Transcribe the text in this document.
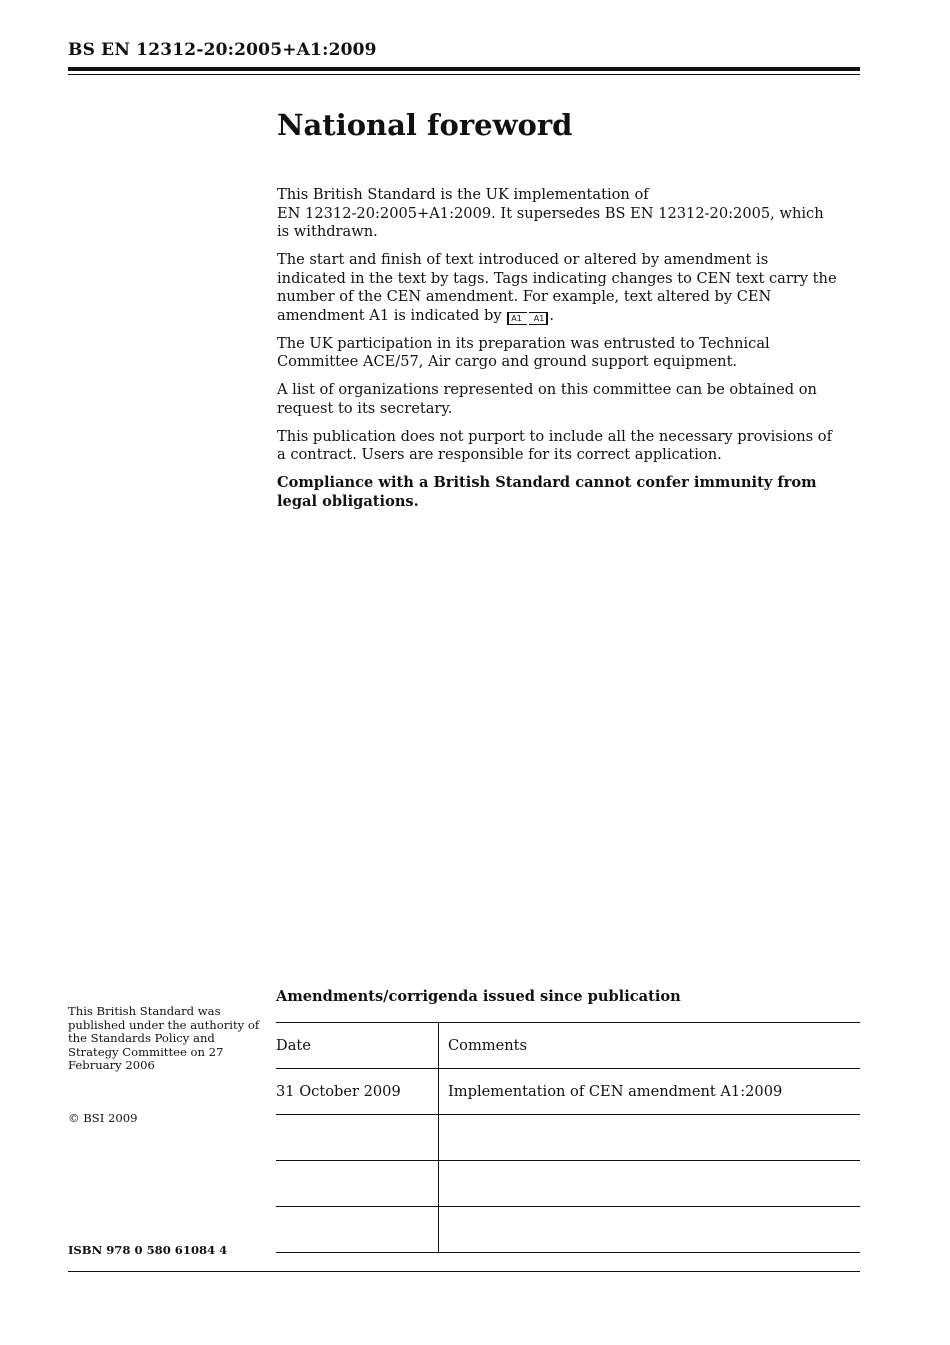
BS EN 12312-20:2005+A1:2009
National foreword

This British Standard is the UK implementation of
EN 12312-20:2005+A1:2009. It supersedes BS EN 12312-20:2005, which is withdrawn.

The start and finish of text introduced or altered by amendment is indicated in the text by tags. Tags indicating changes to CEN text carry the number of the CEN amendment. For example, text altered by CEN amendment A1 is indicated by A1 A1 .

The UK participation in its preparation was entrusted to Technical Committee ACE/57, Air cargo and ground support equipment.

A list of organizations represented on this committee can be obtained on request to its secretary.

This publication does not purport to include all the necessary provisions of a contract. Users are responsible for its correct application.

Compliance with a British Standard cannot confer immunity from legal obligations.

This British Standard was published under the authority of the Standards Policy and Strategy Committee on 27 February 2006
© BSI 2009
ISBN 978 0 580 61084 4
Amendments/corrigenda issued since publication
Date	Comments
31 October 2009	Implementation of CEN amendment A1:2009
